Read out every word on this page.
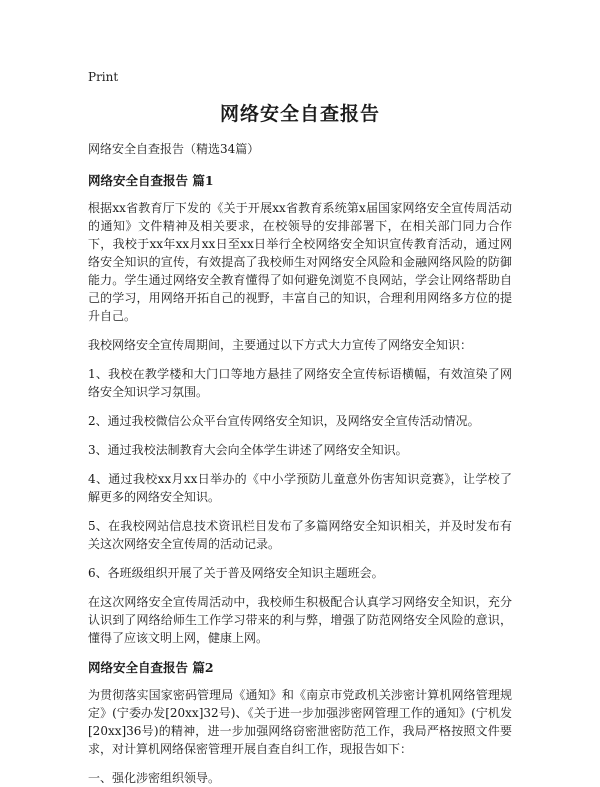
Print
网络安全自查报告
网络安全自查报告（精选34篇）
网络安全自查报告 篇1

根据xx省教育厅下发的《关于开展xx省教育系统第x届国家网络安全宣传周活动的通知》文件精神及相关要求，在校领导的安排部署下，在相关部门同力合作下，我校于xx年xx月xx日至xx日举行全校网络安全知识宣传教育活动，通过网络安全知识的宣传，有效提高了我校师生对网络安全风险和金融网络风险的防御能力。学生通过网络安全教育懂得了如何避免浏览不良网站，学会让网络帮助自己的学习，用网络开拓自己的视野，丰富自己的知识，合理利用网络多方位的提升自己。

我校网络安全宣传周期间，主要通过以下方式大力宣传了网络安全知识：

1、我校在教学楼和大门口等地方悬挂了网络安全宣传标语横幅，有效渲染了网络安全知识学习氛围。

2、通过我校微信公众平台宣传网络安全知识，及网络安全宣传活动情况。

3、通过我校法制教育大会向全体学生讲述了网络安全知识。

4、通过我校xx月xx日举办的《中小学预防儿童意外伤害知识竞赛》，让学校了解更多的网络安全知识。

5、在我校网站信息技术资讯栏目发布了多篇网络安全知识相关，并及时发布有关这次网络安全宣传周的活动记录。

6、各班级组织开展了关于普及网络安全知识主题班会。

在这次网络安全宣传周活动中，我校师生积极配合认真学习网络安全知识，充分认识到了网络给师生工作学习带来的利与弊，增强了防范网络安全风险的意识，懂得了应该文明上网，健康上网。

网络安全自查报告 篇2

为贯彻落实国家密码管理局《通知》和《南京市党政机关涉密计算机网络管理规定》(宁委办发[20xx]32号)、《关于进一步加强涉密网管理工作的通知》(宁机发[20xx]36号)的精神，进一步加强网络窃密泄密防范工作，我局严格按照文件要求，对计算机网络保密管理开展自查自纠工作，现报告如下：

一、强化涉密组织领导。
